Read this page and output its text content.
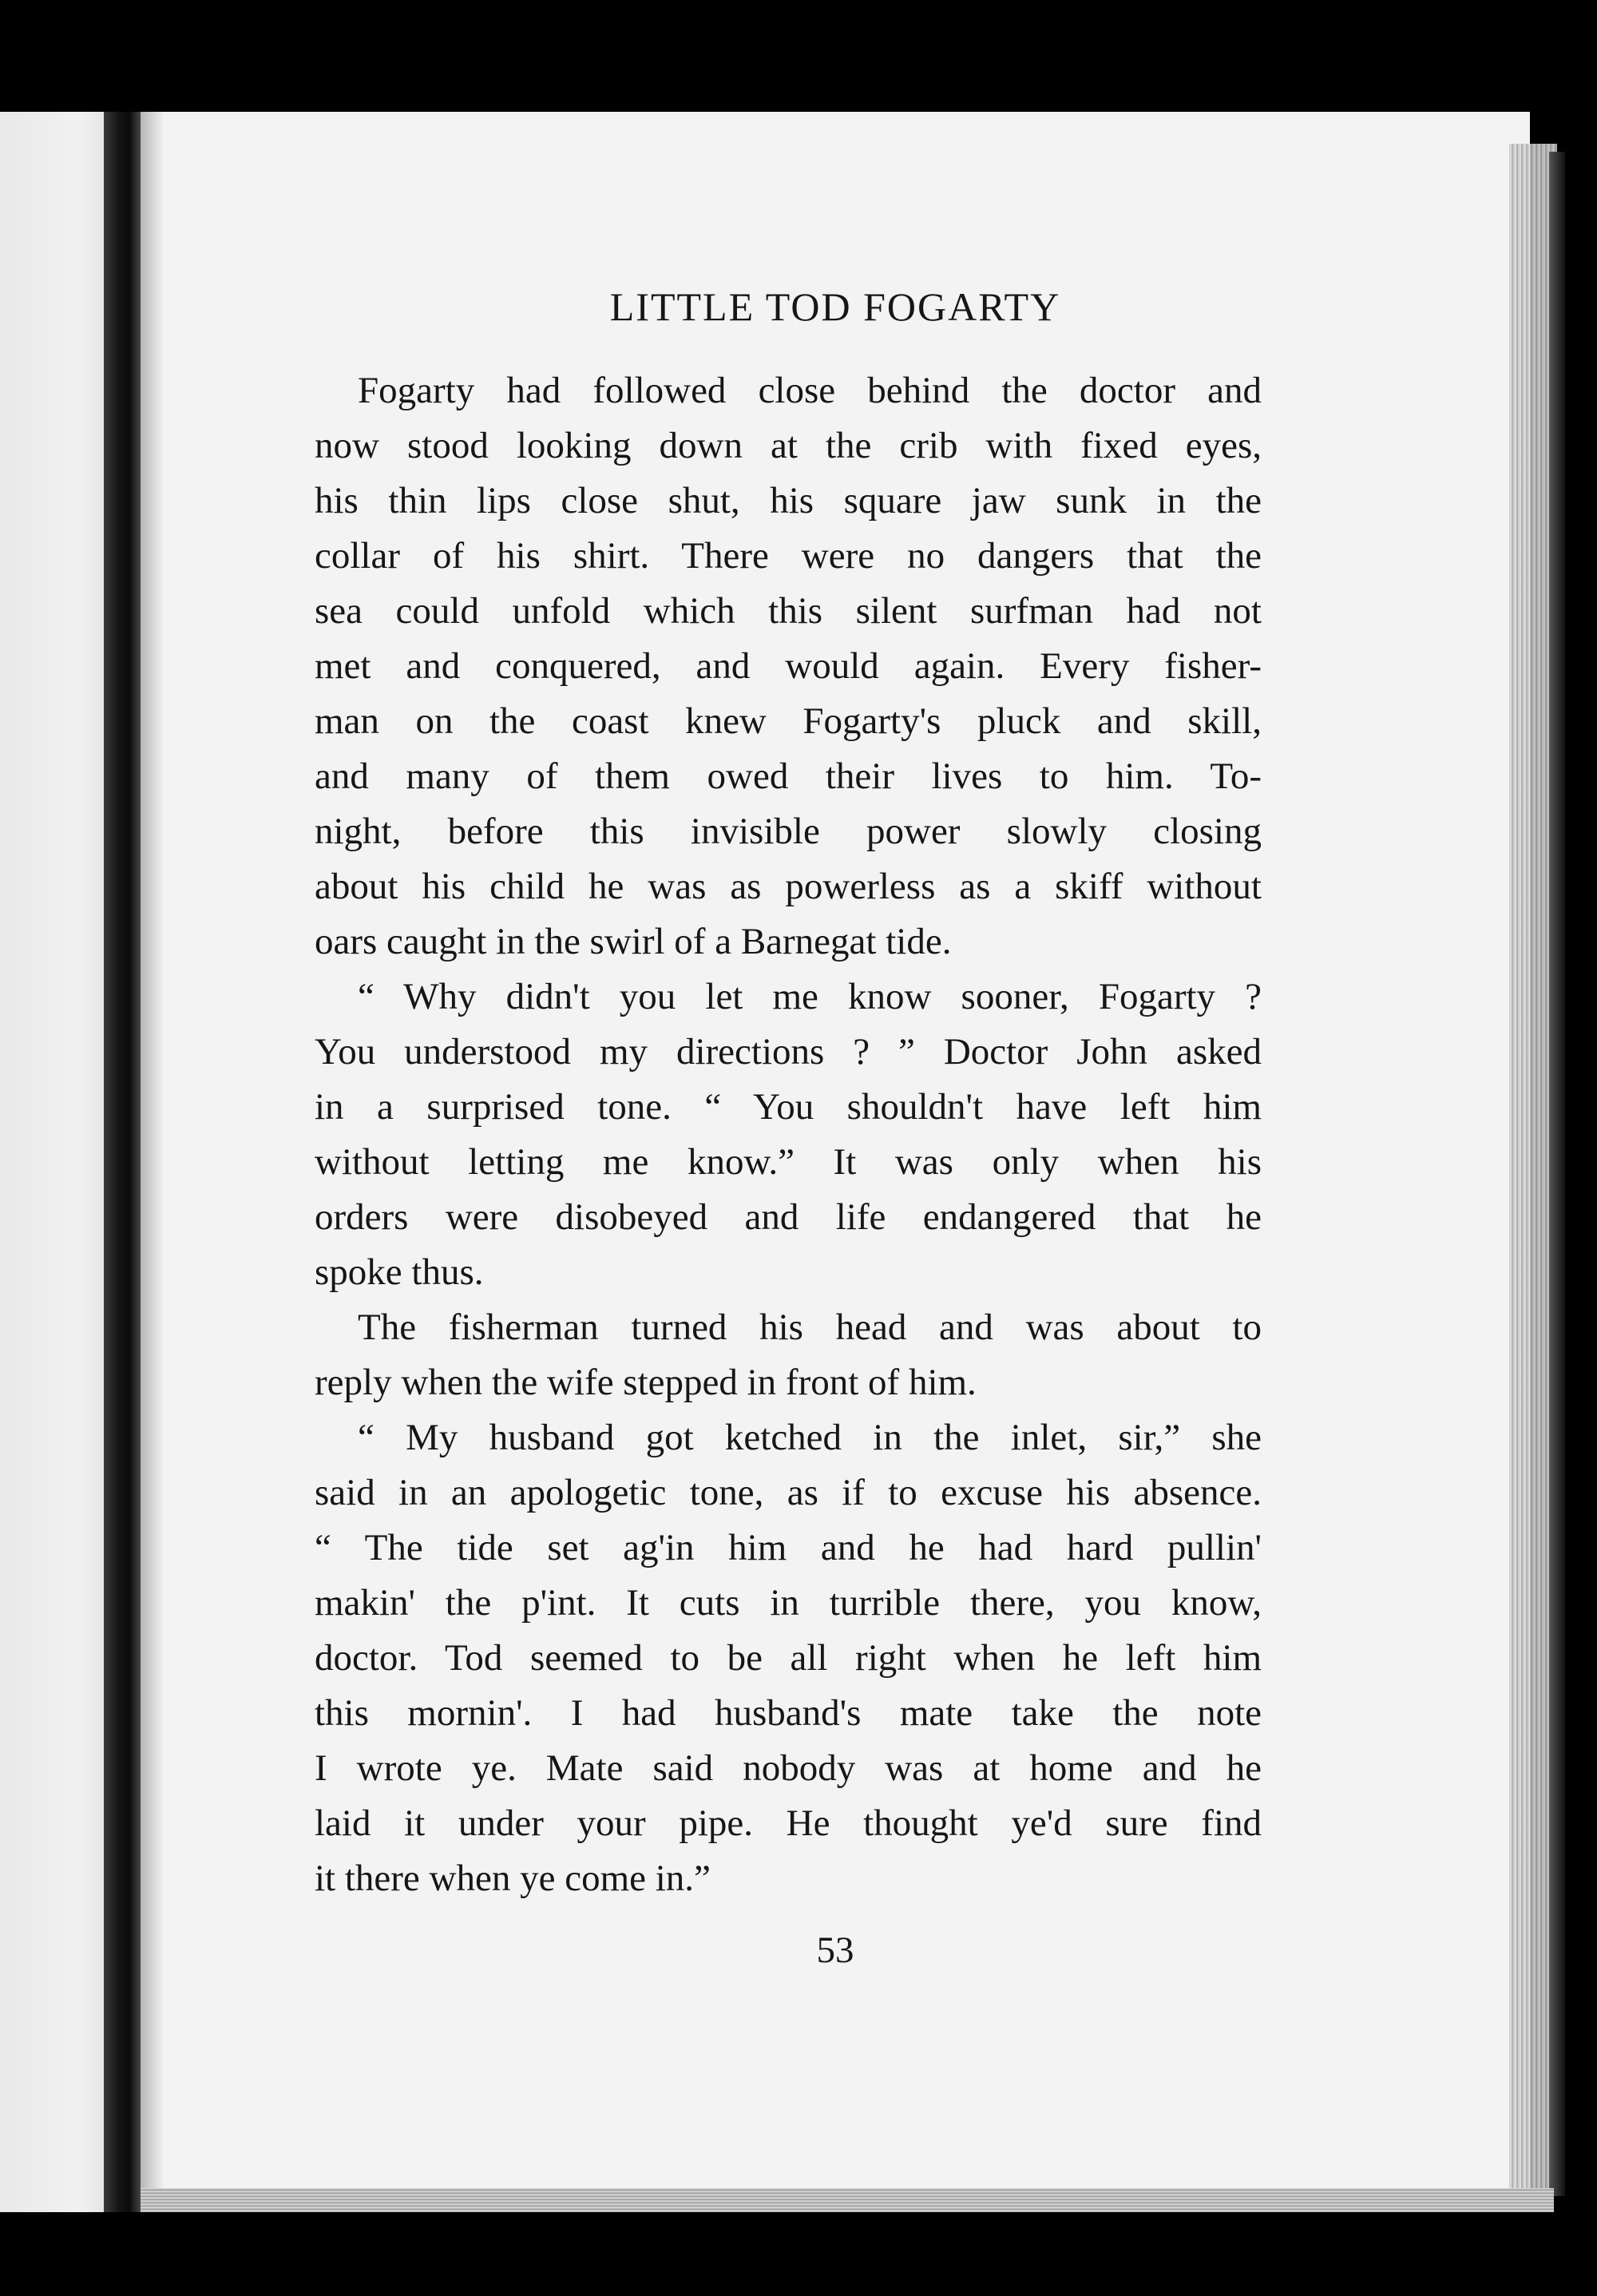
LITTLE TOD FOGARTY
Fogarty had followed close behind the doctor and
now stood looking down at the crib with fixed eyes,
his thin lips close shut, his square jaw sunk in the
collar of his shirt. There were no dangers that the
sea could unfold which this silent surfman had not
met and conquered, and would again. Every fisher-
man on the coast knew Fogarty's pluck and skill,
and many of them owed their lives to him. To-
night, before this invisible power slowly closing
about his child he was as powerless as a skiff without
oars caught in the swirl of a Barnegat tide.
“ Why didn't you let me know sooner, Fogarty ?
You understood my directions ? ” Doctor John asked
in a surprised tone. “ You shouldn't have left him
without letting me know.” It was only when his
orders were disobeyed and life endangered that he
spoke thus.
The fisherman turned his head and was about to
reply when the wife stepped in front of him.
“ My husband got ketched in the inlet, sir,” she
said in an apologetic tone, as if to excuse his absence.
“ The tide set ag'in him and he had hard pullin'
makin' the p'int. It cuts in turrible there, you know,
doctor. Tod seemed to be all right when he left him
this mornin'. I had husband's mate take the note
I wrote ye. Mate said nobody was at home and he
laid it under your pipe. He thought ye'd sure find
it there when ye come in.”
53
